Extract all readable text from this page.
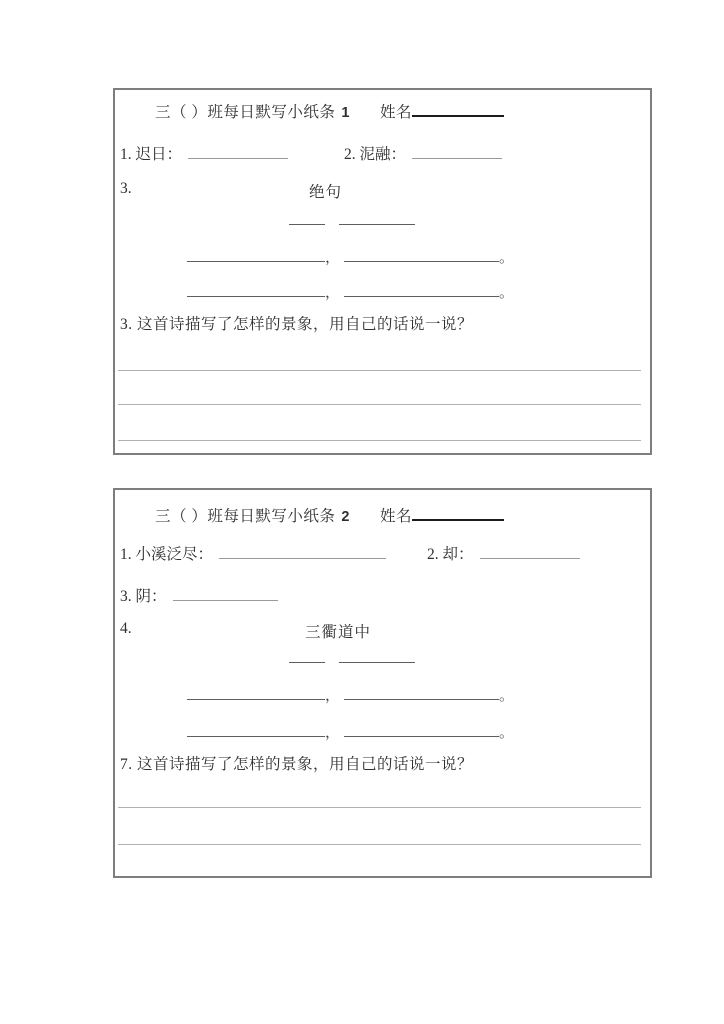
三（ ）班每日默写小纸条 1 姓名
1. 迟日：	2. 泥融：
3.	绝句
，	。
，	。
3. 这首诗描写了怎样的景象，用自己的话说一说？
三（ ）班每日默写小纸条 2 姓名
1. 小溪泛尽：	2. 却：
3. 阴：
4.	三衢道中
，	。
，	。
7. 这首诗描写了怎样的景象，用自己的话说一说？
